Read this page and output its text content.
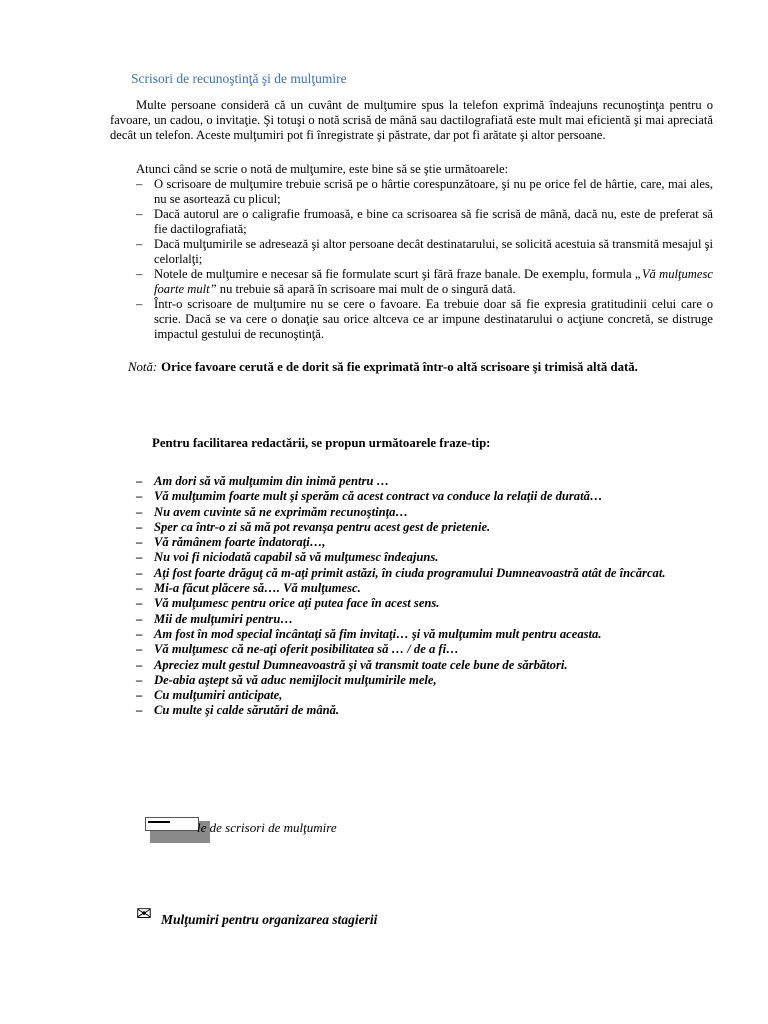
Scrisori de recunoştinţă şi de mulţumire
Multe persoane consideră că un cuvânt de mulţumire spus la telefon exprimă îndeajuns recunoştinţa pentru o favoare, un cadou, o invitaţie. Şi totuşi o notă scrisă de mână sau dactilografiată este mult mai eficientă şi mai apreciată decât un telefon. Aceste mulţumiri pot fi înregistrate şi păstrate, dar pot fi arătate şi altor persoane.
Atunci când se scrie o notă de mulţumire, este bine să se ştie următoarele:
– O scrisoare de mulţumire trebuie scrisă pe o hârtie corespunzătoare, şi nu pe orice fel de hârtie, care, mai ales, nu se asortează cu plicul;
– Dacă autorul are o caligrafie frumoasă, e bine ca scrisoarea să fie scrisă de mână, dacă nu, este de preferat să fie dactilografiată;
– Dacă mulţumirile se adresează şi altor persoane decât destinatarului, se solicită acestuia să transmită mesajul şi celorlalţi;
– Notele de mulţumire e necesar să fie formulate scurt şi fără fraze banale. De exemplu, formula „Vă mulţumesc foarte mult” nu trebuie să apară în scrisoare mai mult de o singură dată.
– Într-o scrisoare de mulţumire nu se cere o favoare. Ea trebuie doar să fie expresia gratitudinii celui care o scrie. Dacă se va cere o donaţie sau orice altceva ce ar impune destinatarului o acţiune concretă, se distruge impactul gestului de recunoştinţă.
Notă: Orice favoare cerută e de dorit să fie exprimată într-o altă scrisoare şi trimisă altă dată.
Pentru facilitarea redactării, se propun următoarele fraze-tip:
– Am dori să vă mulţumim din inimă pentru …
– Vă mulţumim foarte mult şi sperăm că acest contract va conduce la relaţii de durată…
– Nu avem cuvinte să ne exprimăm recunoştinţa…
– Sper ca într-o zi să mă pot revanşa pentru acest gest de prietenie.
– Vă rămânem foarte îndatoraţi…,
– Nu voi fi niciodată capabil să vă mulţumesc îndeajuns.
– Aţi fost foarte drăguţ că m-aţi primit astăzi, în ciuda programului Dumneavoastră atât de încărcat.
– Mi-a făcut plăcere să…. Vă mulţumesc.
– Vă mulţumesc pentru orice aţi putea face în acest sens.
– Mii de mulţumiri pentru…
– Am fost în mod special încântaţi să fim invitaţi… şi vă mulţumim mult pentru aceasta.
– Vă mulţumesc că ne-aţi oferit posibilitatea să … / de a fi…
– Apreciez mult gestul Dumneavoastră şi vă transmit toate cele bune de sărbători.
– De-abia aştept să vă aduc nemijlocit mulţumirile mele,
– Cu mulţumiri anticipate,
– Cu multe şi calde sărutări de mână.
le de scrisori de mulţumire
✉ Mulţumiri pentru organizarea stagierii
